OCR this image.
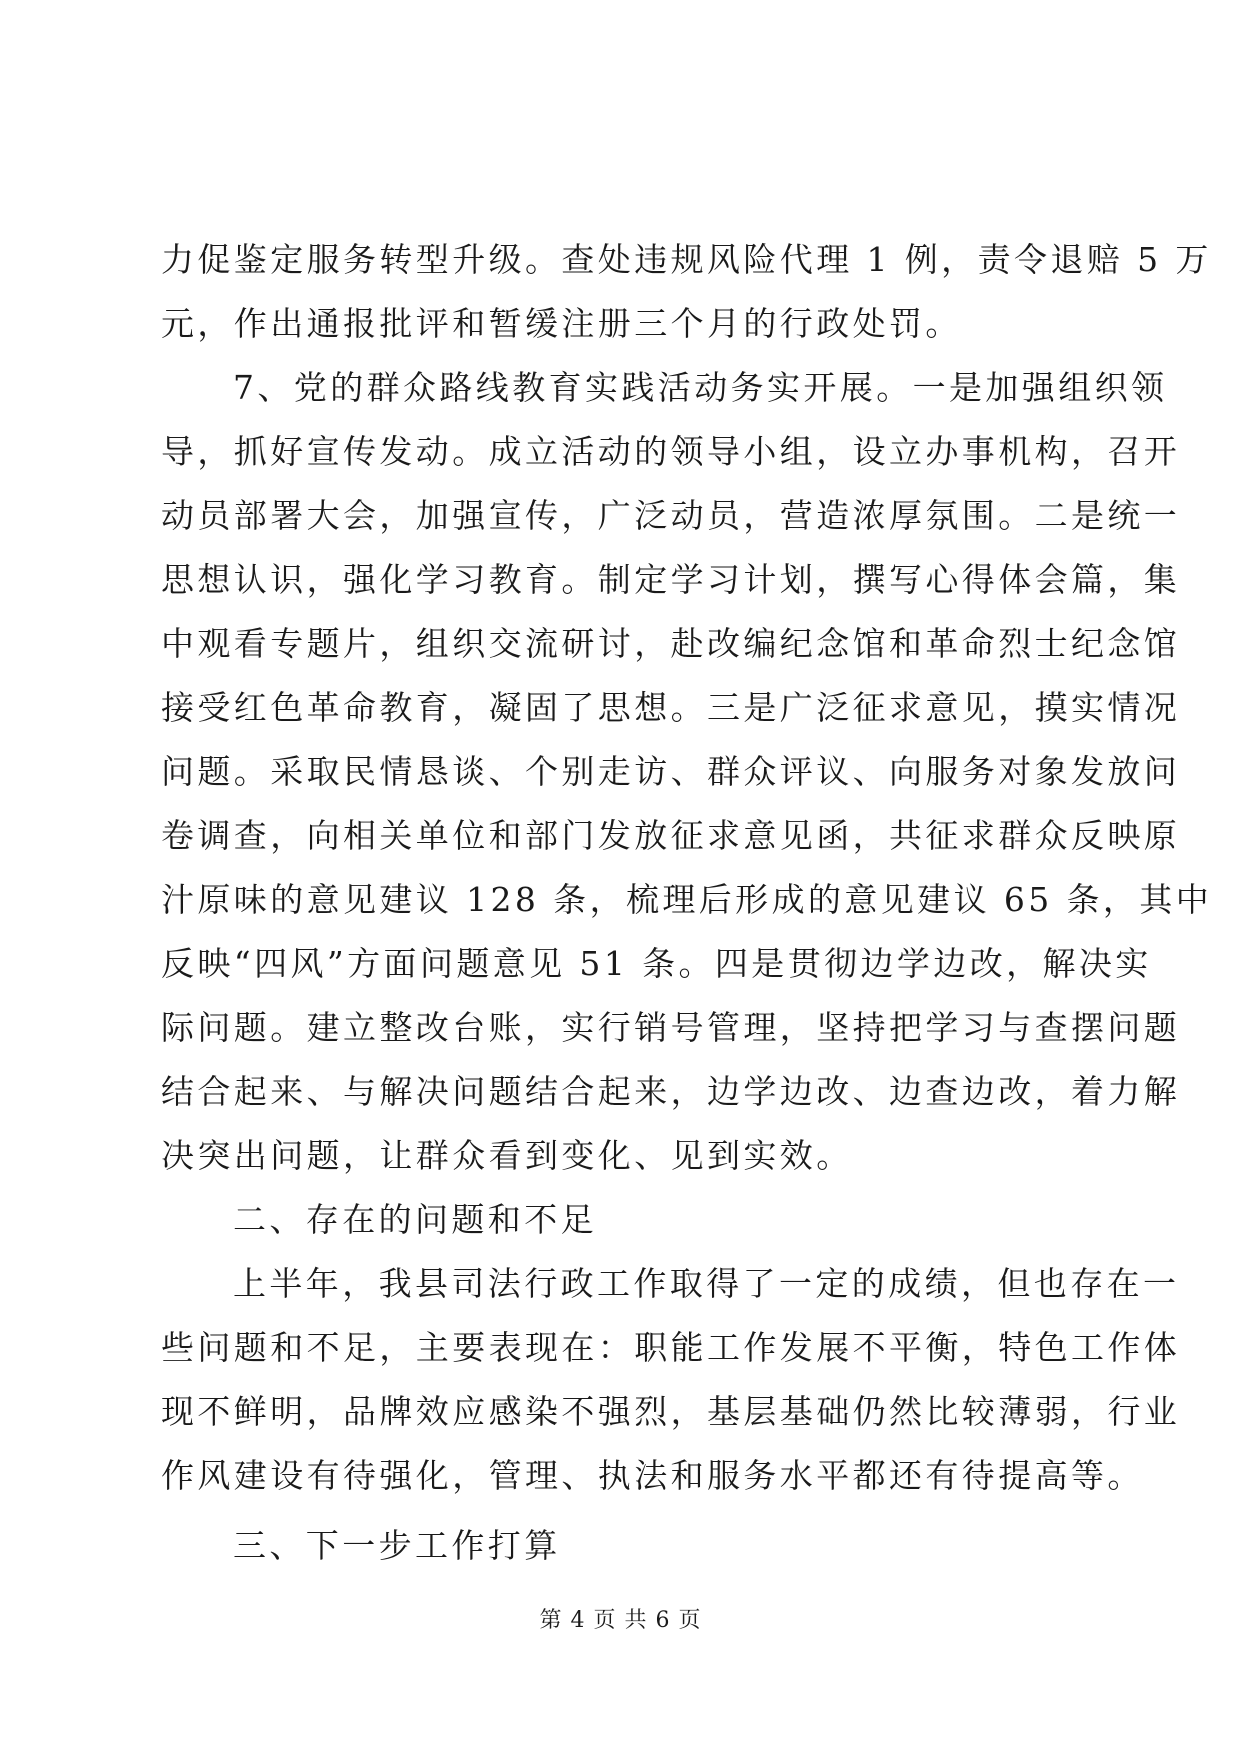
力促鉴定服务转型升级。查处违规风险代理 1 例，责令退赔 5 万
元，作出通报批评和暂缓注册三个月的行政处罚。
7、党的群众路线教育实践活动务实开展。一是加强组织领
导，抓好宣传发动。成立活动的领导小组，设立办事机构，召开
动员部署大会，加强宣传，广泛动员，营造浓厚氛围。二是统一
思想认识，强化学习教育。制定学习计划，撰写心得体会篇，集
中观看专题片，组织交流研讨，赴改编纪念馆和革命烈士纪念馆
接受红色革命教育，凝固了思想。三是广泛征求意见，摸实情况
问题。采取民情恳谈、个别走访、群众评议、向服务对象发放问
卷调查，向相关单位和部门发放征求意见函，共征求群众反映原
汁原味的意见建议 128 条，梳理后形成的意见建议 65 条，其中
反映“四风”方面问题意见 51 条。四是贯彻边学边改，解决实
际问题。建立整改台账，实行销号管理，坚持把学习与查摆问题
结合起来、与解决问题结合起来，边学边改、边查边改，着力解
决突出问题，让群众看到变化、见到实效。
二、存在的问题和不足
上半年，我县司法行政工作取得了一定的成绩，但也存在一
些问题和不足，主要表现在：职能工作发展不平衡，特色工作体
现不鲜明，品牌效应感染不强烈，基层基础仍然比较薄弱，行业
作风建设有待强化，管理、执法和服务水平都还有待提高等。
三、下一步工作打算
第 4 页 共 6 页
